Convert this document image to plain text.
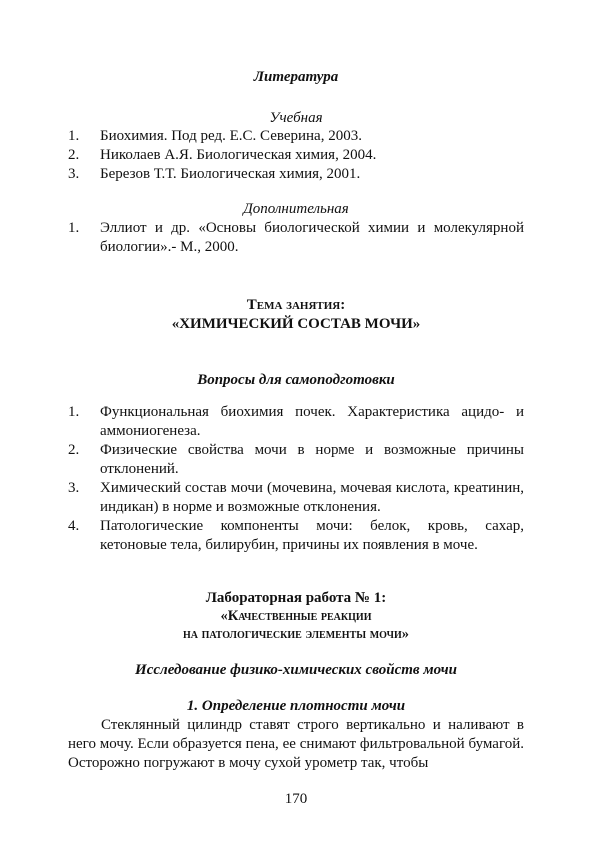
Литература
Учебная
1.	Биохимия. Под ред. Е.С. Северина, 2003.
2.	Николаев А.Я. Биологическая химия, 2004.
3.	Березов Т.Т. Биологическая химия, 2001.
Дополнительная
1.	Эллиот и др. «Основы биологической химии и молекулярной биологии».- М., 2000.
Тема занятия:
«ХИМИЧЕСКИЙ СОСТАВ МОЧИ»
Вопросы для самоподготовки
1.	Функциональная биохимия почек. Характеристика ацидо- и аммониогенеза.
2.	Физические свойства мочи в норме и возможные причины отклонений.
3.	Химический состав мочи (мочевина, мочевая кислота, креатинин, индикан) в норме и возможные отклонения.
4.	Патологические компоненты мочи: белок, кровь, сахар, кетоновые тела, билирубин, причины их появления в моче.
Лабораторная работа № 1:
«Качественные реакции
на патологические элементы мочи»
Исследование физико-химических свойств мочи
1. Определение плотности мочи

Стеклянный цилиндр ставят строго вертикально и наливают в него мочу. Если образуется пена, ее снимают фильтровальной бумагой. Осторожно погружают в мочу сухой урометр так, чтобы

170
